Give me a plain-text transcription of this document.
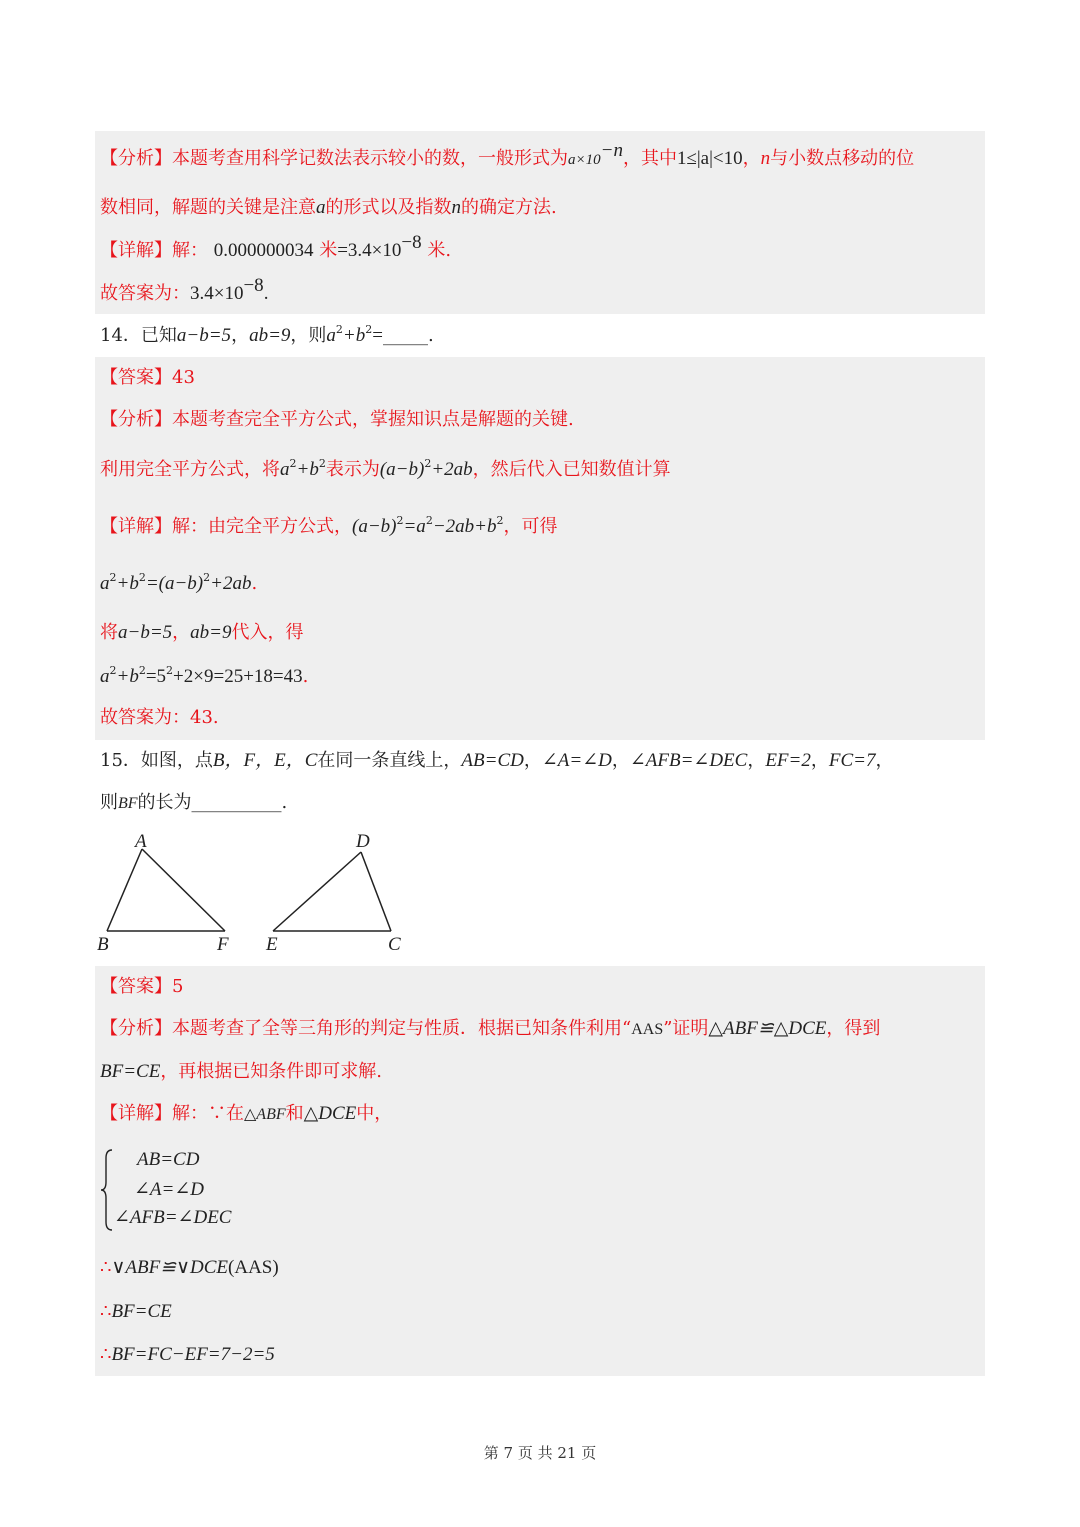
【分析】本题考查用科学记数法表示较小的数，一般形式为$a\times 10^{-n}$，其中1≤|a|<10，n与小数点移动的位
数相同，解题的关键是注意a的形式以及指数n的确定方法.
【详解】解： 0.000000034 米$=3.4\times 10^{-8}$ 米.
故答案为：$3.4\times 10^{-8}$.
14．已知a−b=5，ab=9，则$a^2+b^2=\_\_\_\_\_$.
【答案】43
【分析】本题考查完全平方公式，掌握知识点是解题的关键.
利用完全平方公式，将$a^2+b^2$表示为$(a-b)^2+2ab$，然后代入已知数值计算
【详解】解：由完全平方公式，$(a-b)^2=a^2-2ab+b^2$，可得
$a^2+b^2=(a-b)^2+2ab$.
将a−b=5，ab=9代入，得
$a^2+b^2=5^2+2\times 9=25+18=43$.
故答案为：43.
15．如图，点B，F，E，C在同一条直线上，AB=CD，∠A=∠D，∠AFB=∠DEC，EF=2，FC=7，
则BF的长为__________.
A
B	F E	C
D
【答案】5
【分析】本题考查了全等三角形的判定与性质．根据已知条件利用“AAS”证明△ABF≌△DCE，得到
BF=CE，再根据已知条件即可求解.
【详解】解：∵在△ABF和△DCE中，
AB=CD
∠A=∠D
∠AFB=∠DEC
∴∨ABF≌∨DCE(AAS)
∴BF=CE
∴BF=FC−EF=7−2=5
第 7 页 共 21 页
